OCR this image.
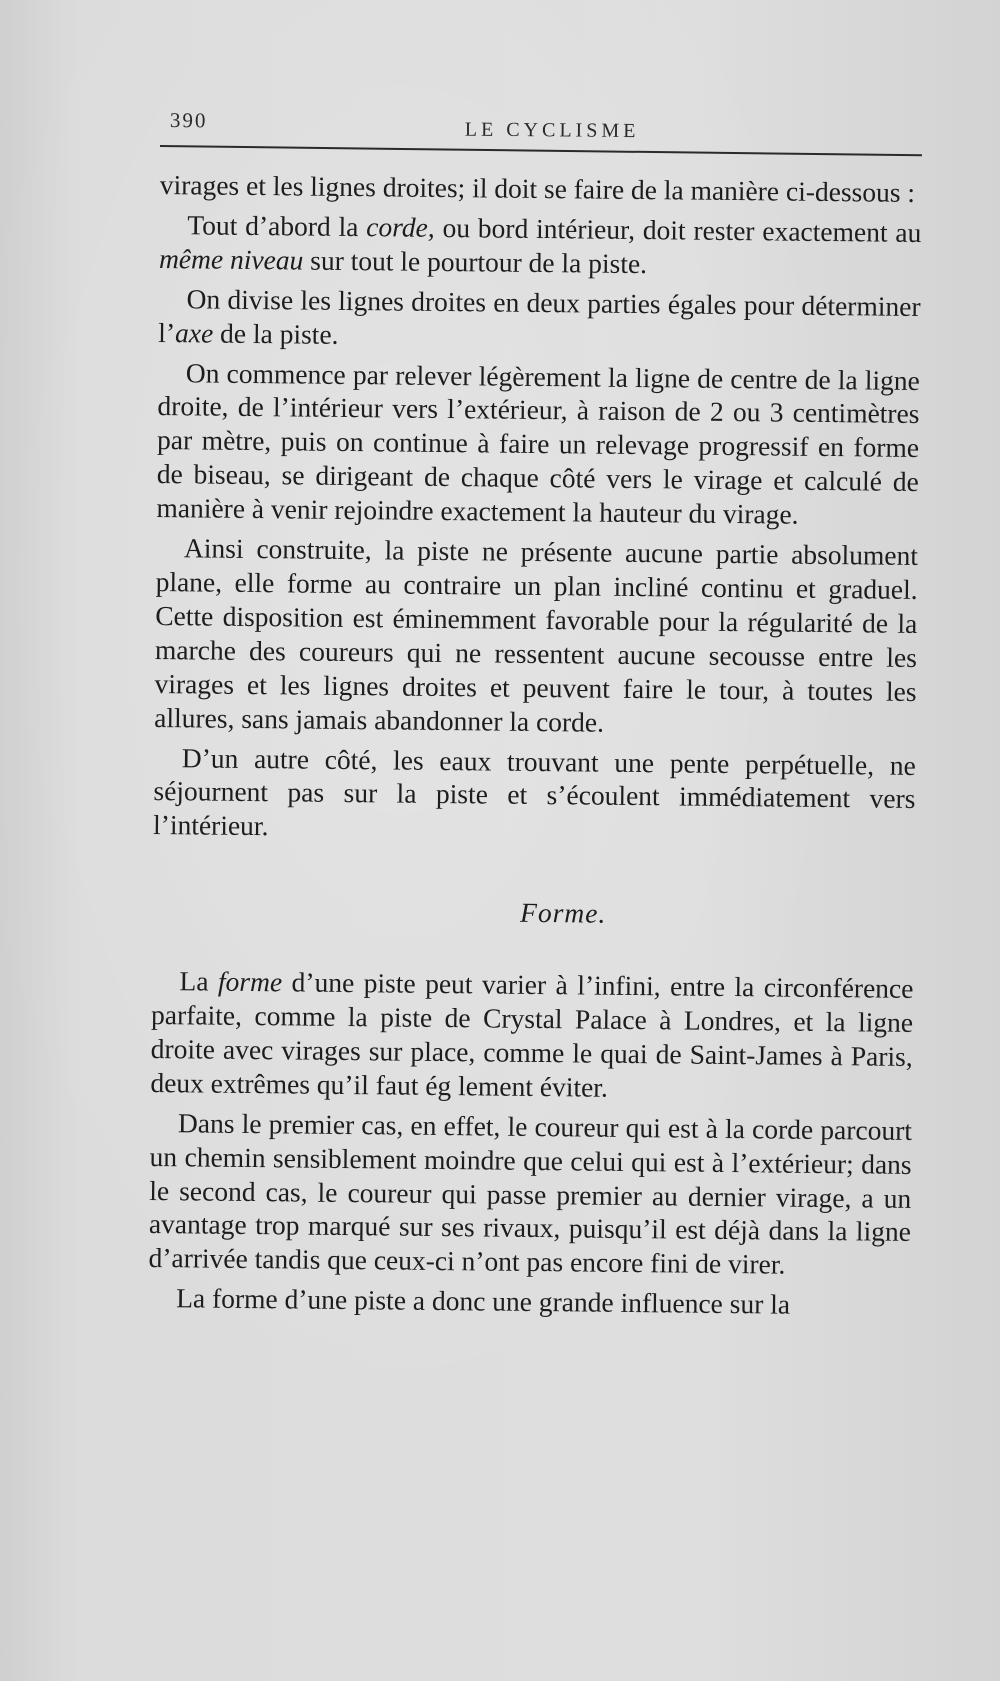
390	LE CYCLISME

virages et les lignes droites; il doit se faire de la manière ci-dessous :

Tout d’abord la corde, ou bord intérieur, doit rester exactement au même niveau sur tout le pourtour de la piste.

On divise les lignes droites en deux parties égales pour déterminer l’axe de la piste.

On commence par relever légèrement la ligne de centre de la ligne droite, de l’intérieur vers l’extérieur, à raison de 2 ou 3 centimètres par mètre, puis on continue à faire un relevage progressif en forme de biseau, se dirigeant de chaque côté vers le virage et calculé de manière à venir rejoindre exactement la hauteur du virage.

Ainsi construite, la piste ne présente aucune partie absolument plane, elle forme au contraire un plan incliné continu et graduel. Cette disposition est éminemment favorable pour la régularité de la marche des coureurs qui ne ressentent aucune secousse entre les virages et les lignes droites et peuvent faire le tour, à toutes les allures, sans jamais abandonner la corde.

D’un autre côté, les eaux trouvant une pente perpétuelle, ne séjournent pas sur la piste et s’écoulent immédiatement vers l’intérieur.

Forme.

La forme d’une piste peut varier à l’infini, entre la circonférence parfaite, comme la piste de Crystal Palace à Londres, et la ligne droite avec virages sur place, comme le quai de Saint-James à Paris, deux extrêmes qu’il faut ég lement éviter.

Dans le premier cas, en effet, le coureur qui est à la corde parcourt un chemin sensiblement moindre que celui qui est à l’extérieur; dans le second cas, le coureur qui passe premier au dernier virage, a un avantage trop marqué sur ses rivaux, puisqu’il est déjà dans la ligne d’arrivée tandis que ceux-ci n’ont pas encore fini de virer.

La forme d’une piste a donc une grande influence sur la
